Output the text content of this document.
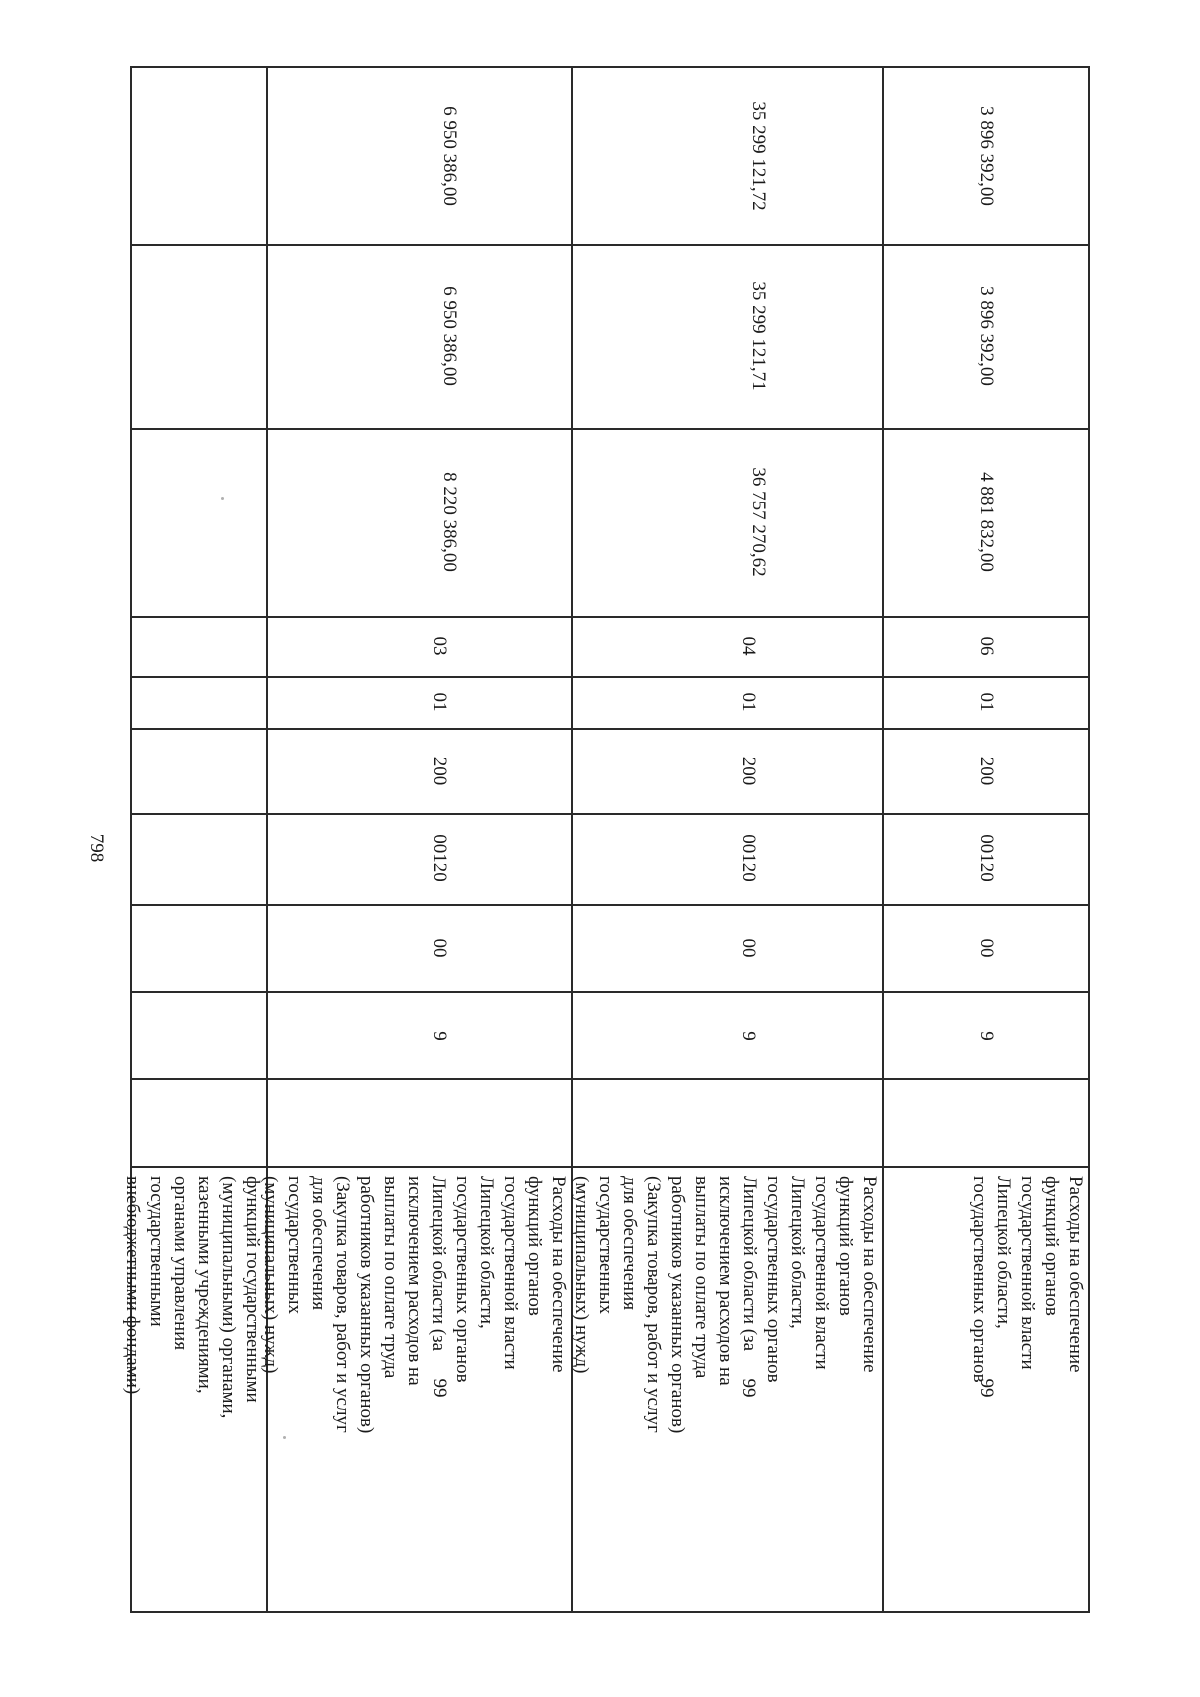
798
функций государственными
(муниципальными) органами,
казенными учреждениями,
органами управления
государственными
внебюджетными фондами)	Расходы на обеспечение
функций органов
государственной власти
Липецкой области,
государственных органов
Липецкой области (за
исключением расходов на
выплаты по оплате труда
работников указанных органов)
(Закупка товаров, работ и услуг
для обеспечения
государственных
(муниципальных) нужд)
99
9
00
00120
200
01
03
8 220 386,00
6 950 386,00
6 950 386,00
Расходы на обеспечение
функций органов
государственной власти
Липецкой области,
государственных органов
Липецкой области (за
исключением расходов на
выплаты по оплате труда
работников указанных органов)
(Закупка товаров, работ и услуг
для обеспечения
государственных
(муниципальных) нужд)
99
9
00
00120
200
01
04
36 757 270,62
35 299 121,71
35 299 121,72
Расходы на обеспечение
функций органов
государственной власти
Липецкой области,
государственных органов
99
9
00
00120
200
01
06
4 881 832,00
3 896 392,00
3 896 392,00
